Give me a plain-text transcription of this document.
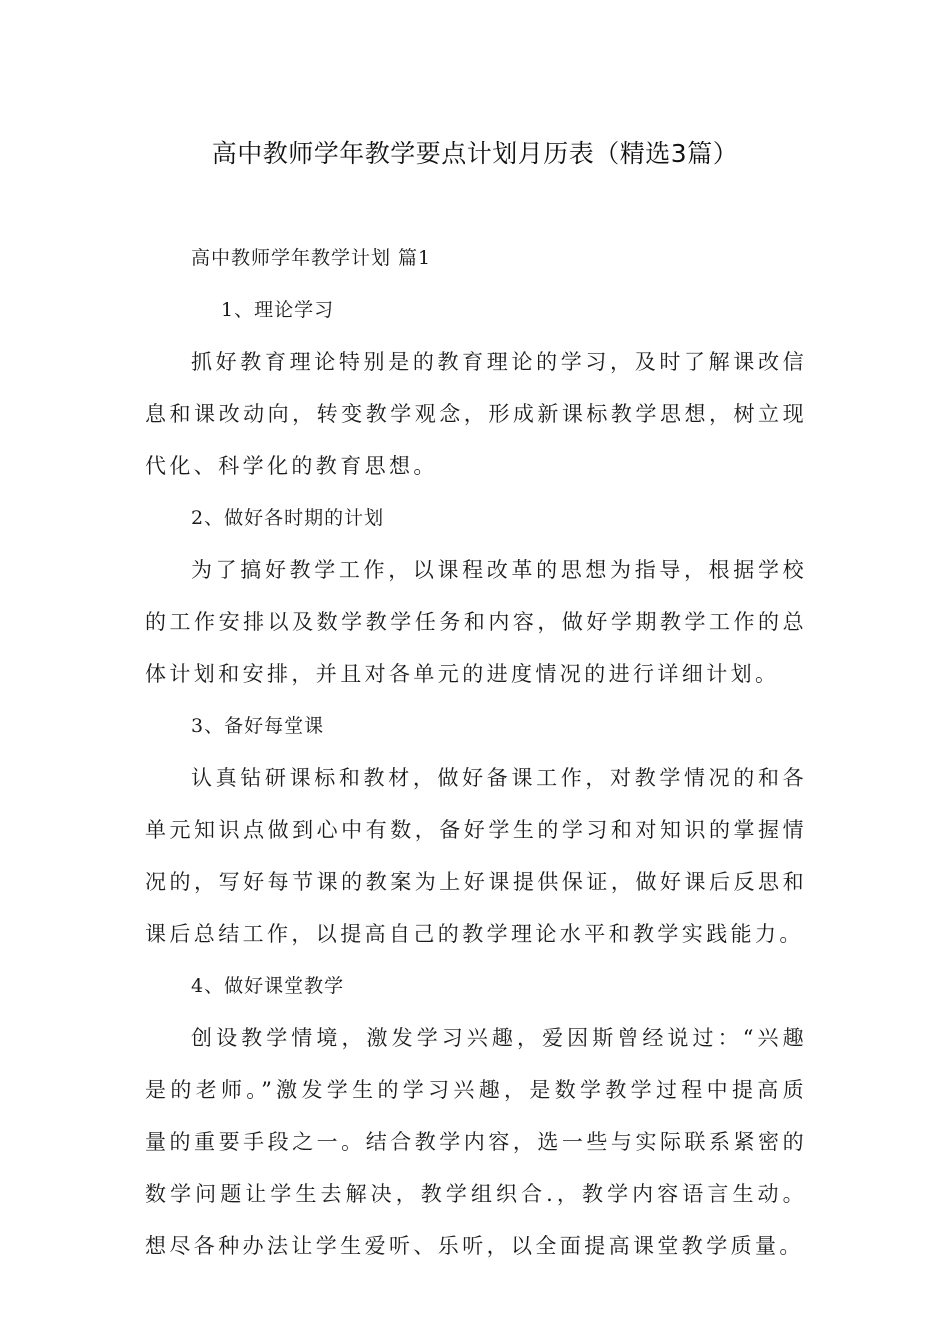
高中教师学年教学要点计划月历表（精选3篇）

高中教师学年教学计划 篇1

1、理论学习

抓好教育理论特别是的教育理论的学习，及时了解课改信息和课改动向，转变教学观念，形成新课标教学思想，树立现代化、科学化的教育思想。

2、做好各时期的计划

为了搞好教学工作，以课程改革的思想为指导，根据学校的工作安排以及数学教学任务和内容，做好学期教学工作的总体计划和安排，并且对各单元的进度情况的进行详细计划。

3、备好每堂课

认真钻研课标和教材，做好备课工作，对教学情况的和各单元知识点做到心中有数，备好学生的学习和对知识的掌握情况的，写好每节课的教案为上好课提供保证，做好课后反思和课后总结工作，以提高自己的教学理论水平和教学实践能力。

4、做好课堂教学

创设教学情境，激发学习兴趣，爱因斯曾经说过：“兴趣是的老师。”激发学生的学习兴趣，是数学教学过程中提高质量的重要手段之一。结合教学内容，选一些与实际联系紧密的数学问题让学生去解决，教学组织合.，教学内容语言生动。想尽各种办法让学生爱听、乐听，以全面提高课堂教学质量。
